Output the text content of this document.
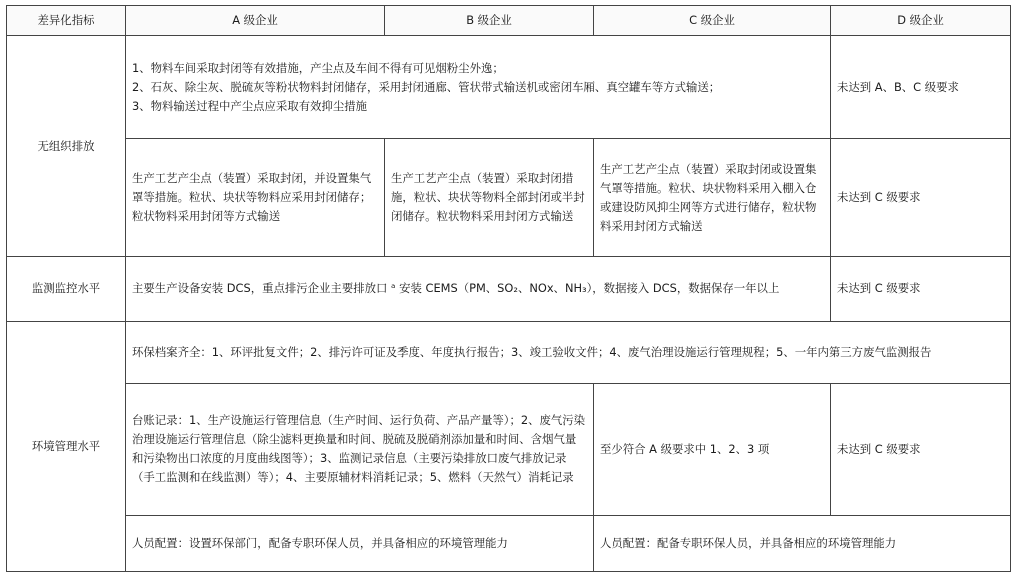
差异化指标	A 级企业	B 级企业	C 级企业	D 级企业
无组织排放	1、物料车间采取封闭等有效措施，产尘点及车间不得有可见烟粉尘外逸；
2、石灰、除尘灰、脱硫灰等粉状物料封闭储存，采用封闭通廊、管状带式输送机或密闭车厢、真空罐车等方式输送；
3、物料输送过程中产尘点应采取有效抑尘措施			未达到 A、B、C 级要求
	生产工艺产尘点（装置）采取封闭，并设置集气罩等措施。粒状、块状等物料应采用封闭储存；粒状物料采用封闭等方式输送	生产工艺产尘点（装置）采取封闭措施，粒状、块状等物料全部封闭或半封闭储存。粒状物料采用封闭方式输送	生产工艺产尘点（装置）采取封闭或设置集气罩等措施。粒状、块状物料采用入棚入仓或建设防风抑尘网等方式进行储存，粒状物料采用封闭方式输送	未达到 C 级要求
监测监控水平	主要生产设备安装 DCS，重点排污企业主要排放口 ᵃ 安装 CEMS（PM、SO₂、NOx、NH₃），数据接入 DCS，数据保存一年以上			未达到 C 级要求
环境管理水平	环保档案齐全：1、环评批复文件；2、排污许可证及季度、年度执行报告；3、竣工验收文件；4、废气治理设施运行管理规程；5、一年内第三方废气监测报告			
	台账记录：1、生产设施运行管理信息（生产时间、运行负荷、产品产量等）；2、废气污染治理设施运行管理信息（除尘滤料更换量和时间、脱硫及脱硝剂添加量和时间、含烟气量和污染物出口浓度的月度曲线图等）；3、监测记录信息（主要污染排放口废气排放记录（手工监测和在线监测）等）；4、主要原辅材料消耗记录；5、燃料（天然气）消耗记录		至少符合 A 级要求中 1、2、3 项	未达到 C 级要求
	人员配置：设置环保部门，配备专职环保人员，并具备相应的环境管理能力		人员配置：配备专职环保人员，并具备相应的环境管理能力	
